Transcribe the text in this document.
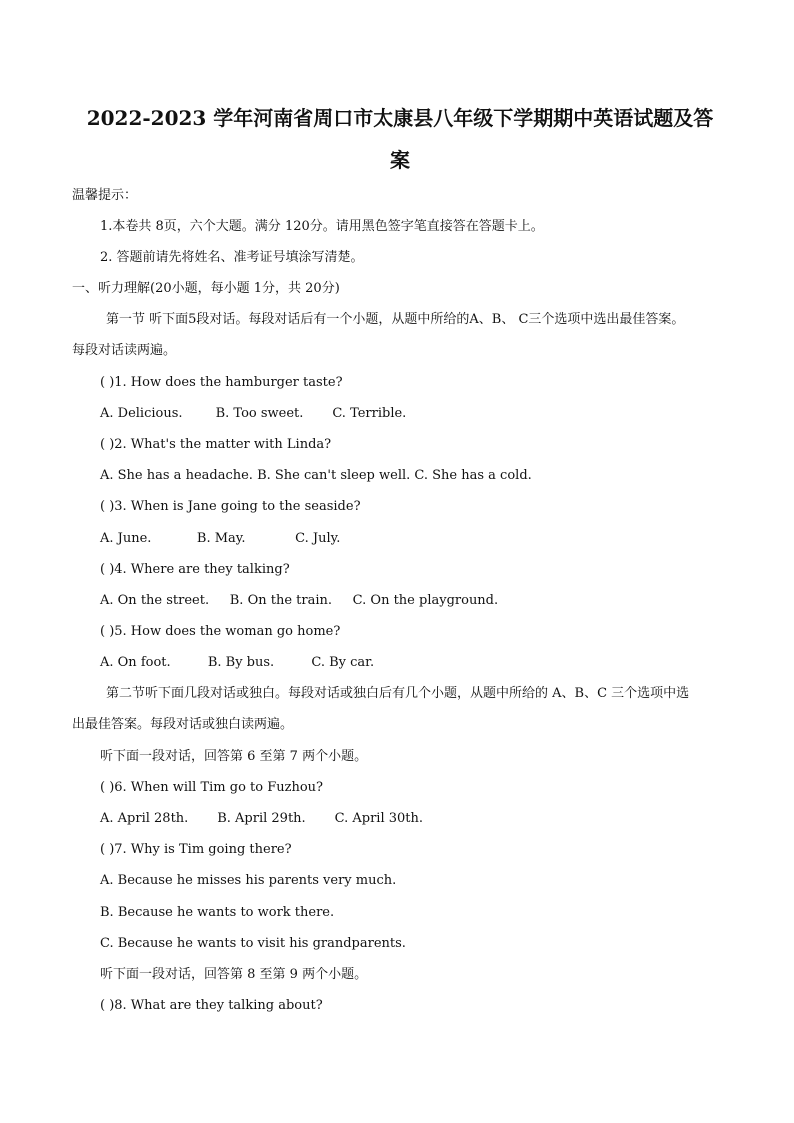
2022-2023 学年河南省周口市太康县八年级下学期期中英语试题及答
案
温馨提示：
1.本卷共 8页，六个大题。满分 120分。请用黑色签字笔直接答在答题卡上。
2. 答题前请先将姓名、准考证号填涂写清楚。
一、听力理解(20小题，每小题 1分，共 20分)
第一节 听下面5段对话。每段对话后有一个小题，从题中所给的A、B、 C三个选项中选出最佳答案。
每段对话读两遍。
( )1. How does the hamburger taste?
A. Delicious.        B. Too sweet.       C. Terrible.
( )2. What's the matter with Linda?
A. She has a headache. B. She can't sleep well. C. She has a cold.
( )3. When is Jane going to the seaside?
A. June.           B. May.            C. July.
( )4. Where are they talking?
A. On the street.     B. On the train.     C. On the playground.
( )5. How does the woman go home?
A. On foot.         B. By bus.         C. By car.
第二节听下面几段对话或独白。每段对话或独白后有几个小题，从题中所给的 A、B、C 三个选项中选
出最佳答案。每段对话或独白读两遍。
听下面一段对话，回答第 6 至第 7 两个小题。
( )6. When will Tim go to Fuzhou?
A. April 28th.       B. April 29th.       C. April 30th.
( )7. Why is Tim going there?
A. Because he misses his parents very much.
B. Because he wants to work there.
C. Because he wants to visit his grandparents.
听下面一段对话，回答第 8 至第 9 两个小题。
( )8. What are they talking about?
